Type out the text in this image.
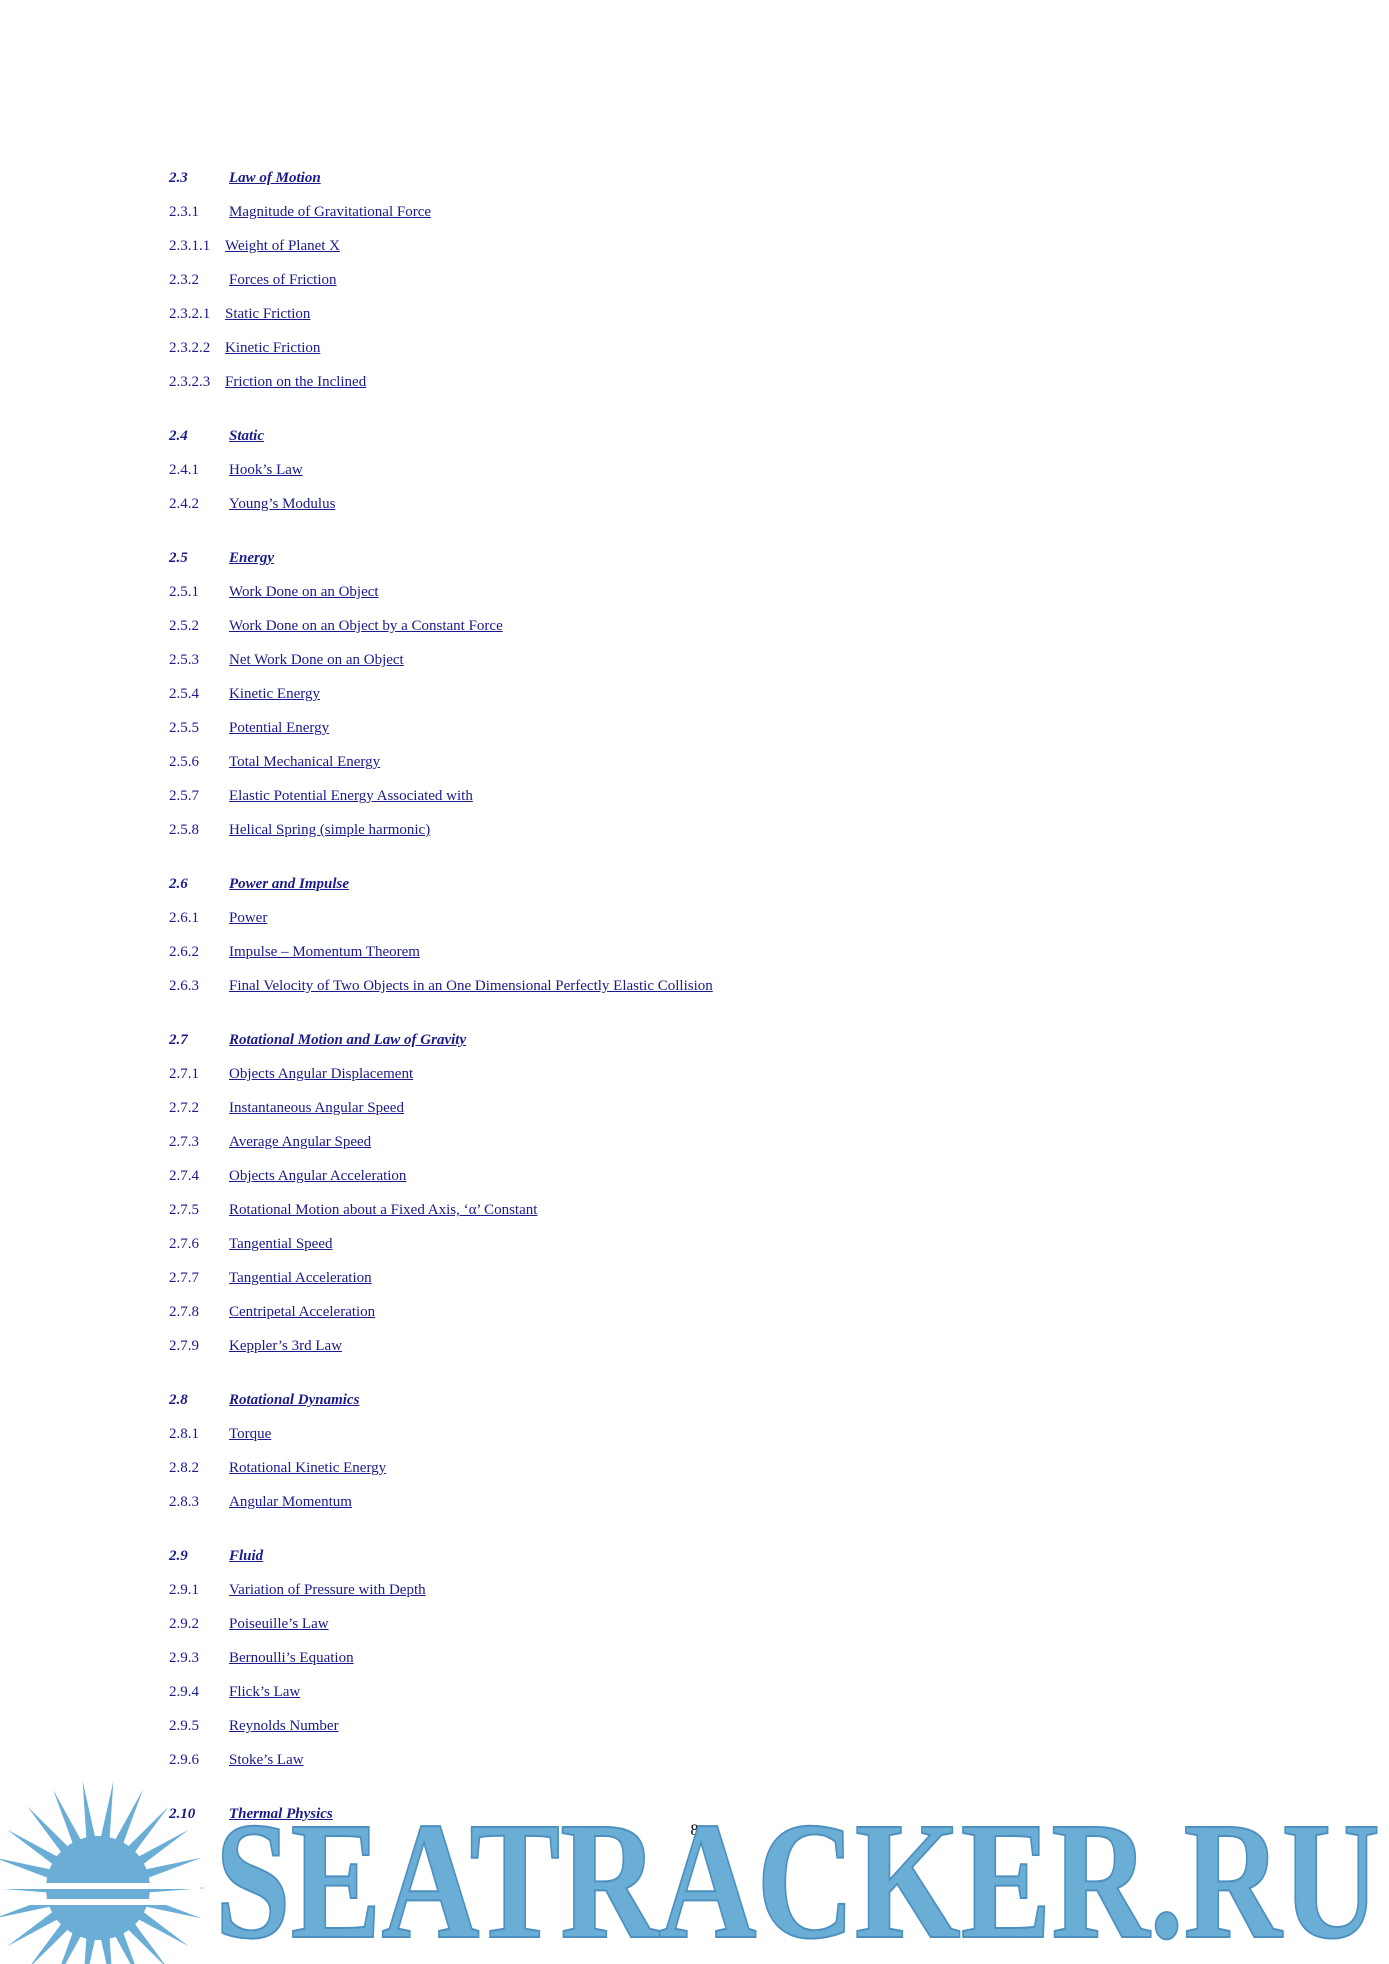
2.3	Law of Motion
2.3.1 Magnitude of Gravitational Force
2.3.1.1 Weight of Planet X
2.3.2 Forces of Friction
2.3.2.1 Static Friction
2.3.2.2 Kinetic Friction
2.3.2.3 Friction on the Inclined
2.4	Static
2.4.1 Hook’s Law
2.4.2 Young’s Modulus
2.5	Energy
2.5.1 Work Done on an Object
2.5.2 Work Done on an Object by a Constant Force
2.5.3 Net Work Done on an Object
2.5.4 Kinetic Energy
2.5.5 Potential Energy
2.5.6 Total Mechanical Energy
2.5.7 Elastic Potential Energy Associated with
2.5.8 Helical Spring (simple harmonic)
2.6	Power and Impulse
2.6.1 Power
2.6.2 Impulse – Momentum Theorem
2.6.3 Final Velocity of Two Objects in an One Dimensional Perfectly Elastic Collision
2.7	Rotational Motion and Law of Gravity
2.7.1 Objects Angular Displacement
2.7.2 Instantaneous Angular Speed
2.7.3 Average Angular Speed
2.7.4 Objects Angular Acceleration
2.7.5 Rotational Motion about a Fixed Axis, ‘α’ Constant
2.7.6 Tangential Speed
2.7.7 Tangential Acceleration
2.7.8 Centripetal Acceleration
2.7.9 Keppler’s 3rd Law
2.8	Rotational Dynamics
2.8.1 Torque
2.8.2 Rotational Kinetic Energy
2.8.3 Angular Momentum
2.9	Fluid
2.9.1 Variation of Pressure with Depth
2.9.2 Poiseuille’s Law
2.9.3 Bernoulli’s Equation
2.9.4 Flick’s Law
2.9.5 Reynolds Number
2.9.6 Stoke’s Law
2.10 Thermal Physics
8
SEATRACKER.RU
